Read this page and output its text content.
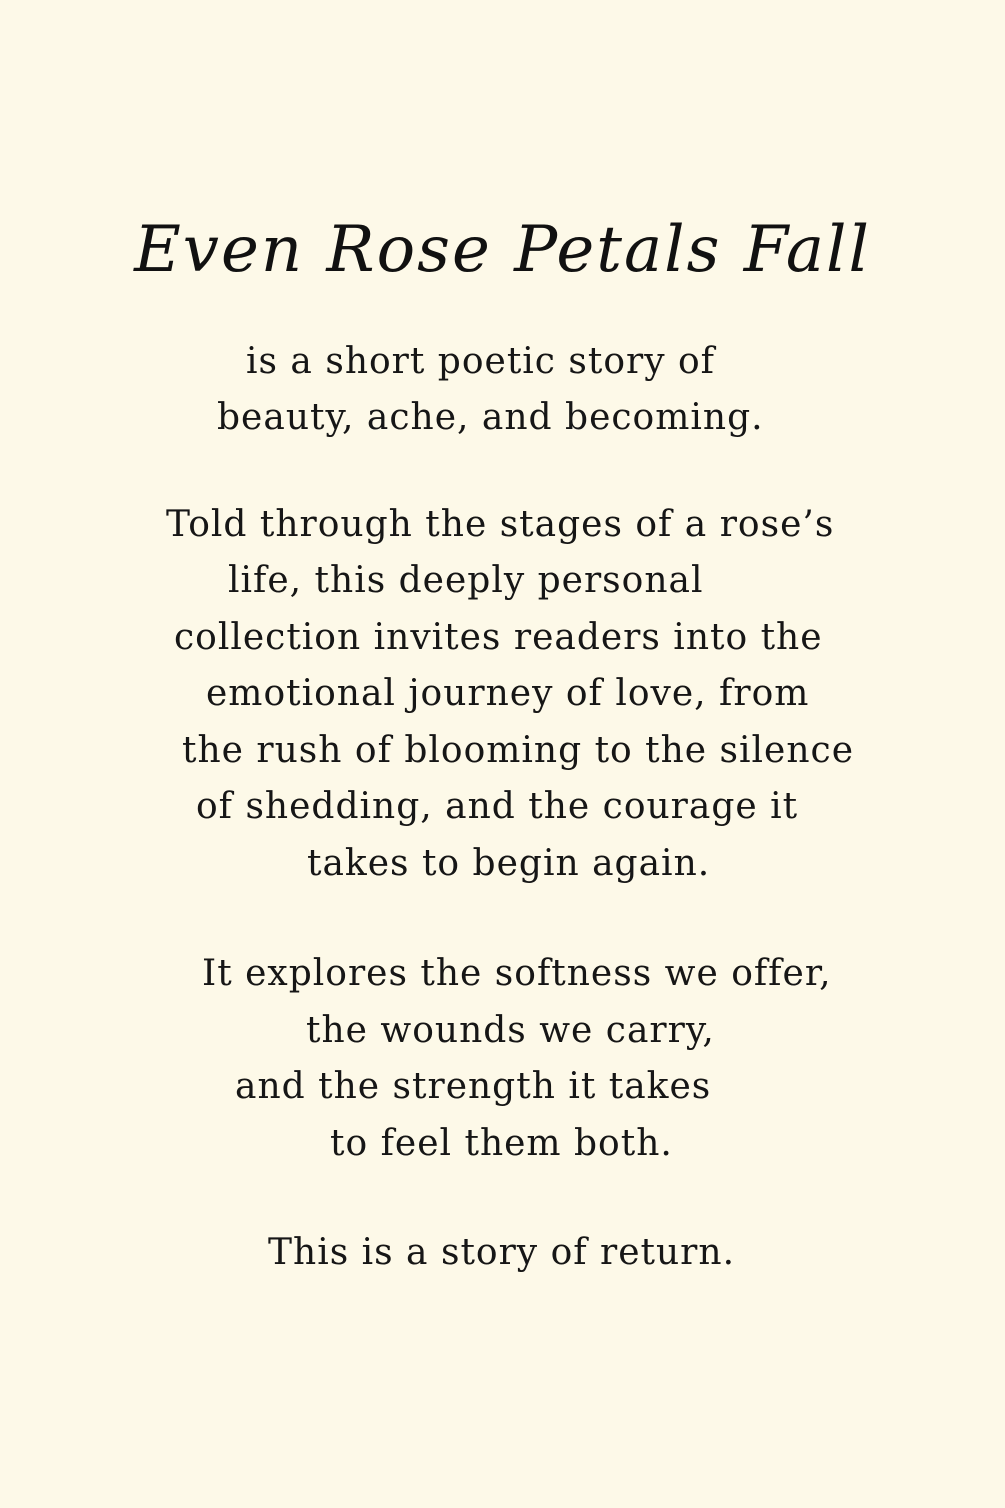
Even Rose Petals Fall
is a short poetic story of
beauty, ache, and becoming.
Told through the stages of a rose’s
life, this deeply personal
collection invites readers into the
emotional journey of love, from
the rush of blooming to the silence
of shedding, and the courage it
takes to begin again.
It explores the softness we offer,
the wounds we carry,
and the strength it takes
to feel them both.
This is a story of return.
